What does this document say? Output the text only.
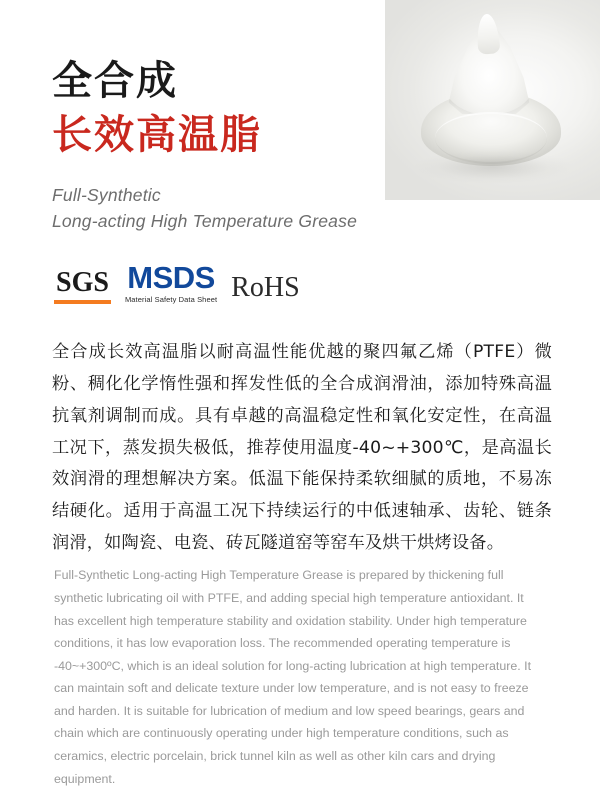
全合成
长效高温脂
Full-Synthetic
Long-acting High Temperature Grease
SGS MSDS
Material Safety Data Sheet RoHS

全合成长效高温脂以耐高温性能优越的聚四氟乙烯（PTFE）微粉、稠化化学惰性强和挥发性低的全合成润滑油，添加特殊高温抗氧剂调制而成。具有卓越的高温稳定性和氧化安定性，在高温工况下，蒸发损失极低，推荐使用温度-40~+300℃，是高温长效润滑的理想解决方案。低温下能保持柔软细腻的质地，不易冻结硬化。适用于高温工况下持续运行的中低速轴承、齿轮、链条润滑，如陶瓷、电瓷、砖瓦隧道窑等窑车及烘干烘烤设备。

Full-Synthetic Long-acting High Temperature Grease is prepared by thickening full synthetic lubricating oil with PTFE, and adding special high temperature antioxidant. It has excellent high temperature stability and oxidation stability. Under high temperature conditions, it has low evaporation loss. The recommended operating temperature is -40~+300ºC, which is an ideal solution for long-acting lubrication at high temperature. It can maintain soft and delicate texture under low temperature, and is not easy to freeze and harden. It is suitable for lubrication of medium and low speed bearings, gears and chain which are continuously operating under high temperature conditions, such as ceramics, electric porcelain, brick tunnel kiln as well as other kiln cars and drying equipment.
